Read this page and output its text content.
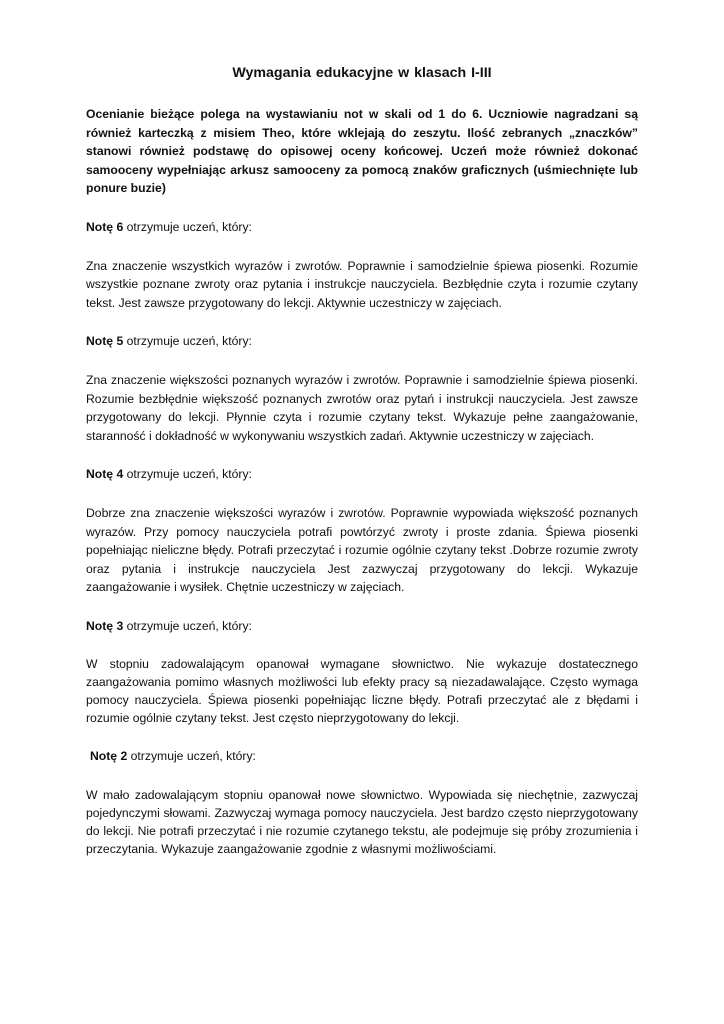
Wymagania edukacyjne w klasach I-III

Ocenianie bieżące polega na wystawianiu not w skali od 1 do 6. Uczniowie nagradzani są również karteczką z misiem Theo, które wklejają do zeszytu. Ilość zebranych „znaczków” stanowi również podstawę do opisowej oceny końcowej. Uczeń może również dokonać samooceny wypełniając arkusz samooceny za pomocą znaków graficznych (uśmiechnięte lub ponure buzie)

Notę 6 otrzymuje uczeń, który:

Zna znaczenie wszystkich wyrazów i zwrotów. Poprawnie i samodzielnie śpiewa piosenki. Rozumie wszystkie poznane zwroty oraz pytania i instrukcje nauczyciela. Bezbłędnie czyta i rozumie czytany tekst. Jest zawsze przygotowany do lekcji. Aktywnie uczestniczy w zajęciach.

Notę 5 otrzymuje uczeń, który:

Zna znaczenie większości poznanych wyrazów i zwrotów. Poprawnie i samodzielnie śpiewa piosenki. Rozumie bezbłędnie większość poznanych zwrotów oraz pytań i instrukcji nauczyciela. Jest zawsze przygotowany do lekcji. Płynnie czyta i rozumie czytany tekst. Wykazuje pełne zaangażowanie, staranność i dokładność w wykonywaniu wszystkich zadań. Aktywnie uczestniczy w zajęciach.

Notę 4 otrzymuje uczeń, który:

Dobrze zna znaczenie większości wyrazów i zwrotów. Poprawnie wypowiada większość poznanych wyrazów. Przy pomocy nauczyciela potrafi powtórzyć zwroty i proste zdania. Śpiewa piosenki popełniając nieliczne błędy. Potrafi przeczytać i rozumie ogólnie czytany tekst .Dobrze rozumie zwroty oraz pytania i instrukcje nauczyciela Jest zazwyczaj przygotowany do lekcji. Wykazuje zaangażowanie i wysiłek. Chętnie uczestniczy w zajęciach.

Notę 3 otrzymuje uczeń, który:

W stopniu zadowalającym opanował wymagane słownictwo. Nie wykazuje dostatecznego zaangażowania pomimo własnych możliwości lub efekty pracy są niezadawalające. Często wymaga pomocy nauczyciela. Śpiewa piosenki popełniając liczne błędy. Potrafi przeczytać ale z błędami i rozumie ogólnie czytany tekst. Jest często nieprzygotowany do lekcji.

Notę 2 otrzymuje uczeń, który:

W mało zadowalającym stopniu opanował nowe słownictwo. Wypowiada się niechętnie, zazwyczaj pojedynczymi słowami. Zazwyczaj wymaga pomocy nauczyciela. Jest bardzo często nieprzygotowany do lekcji. Nie potrafi przeczytać i nie rozumie czytanego tekstu, ale podejmuje się próby zrozumienia i przeczytania. Wykazuje zaangażowanie zgodnie z własnymi możliwościami.
